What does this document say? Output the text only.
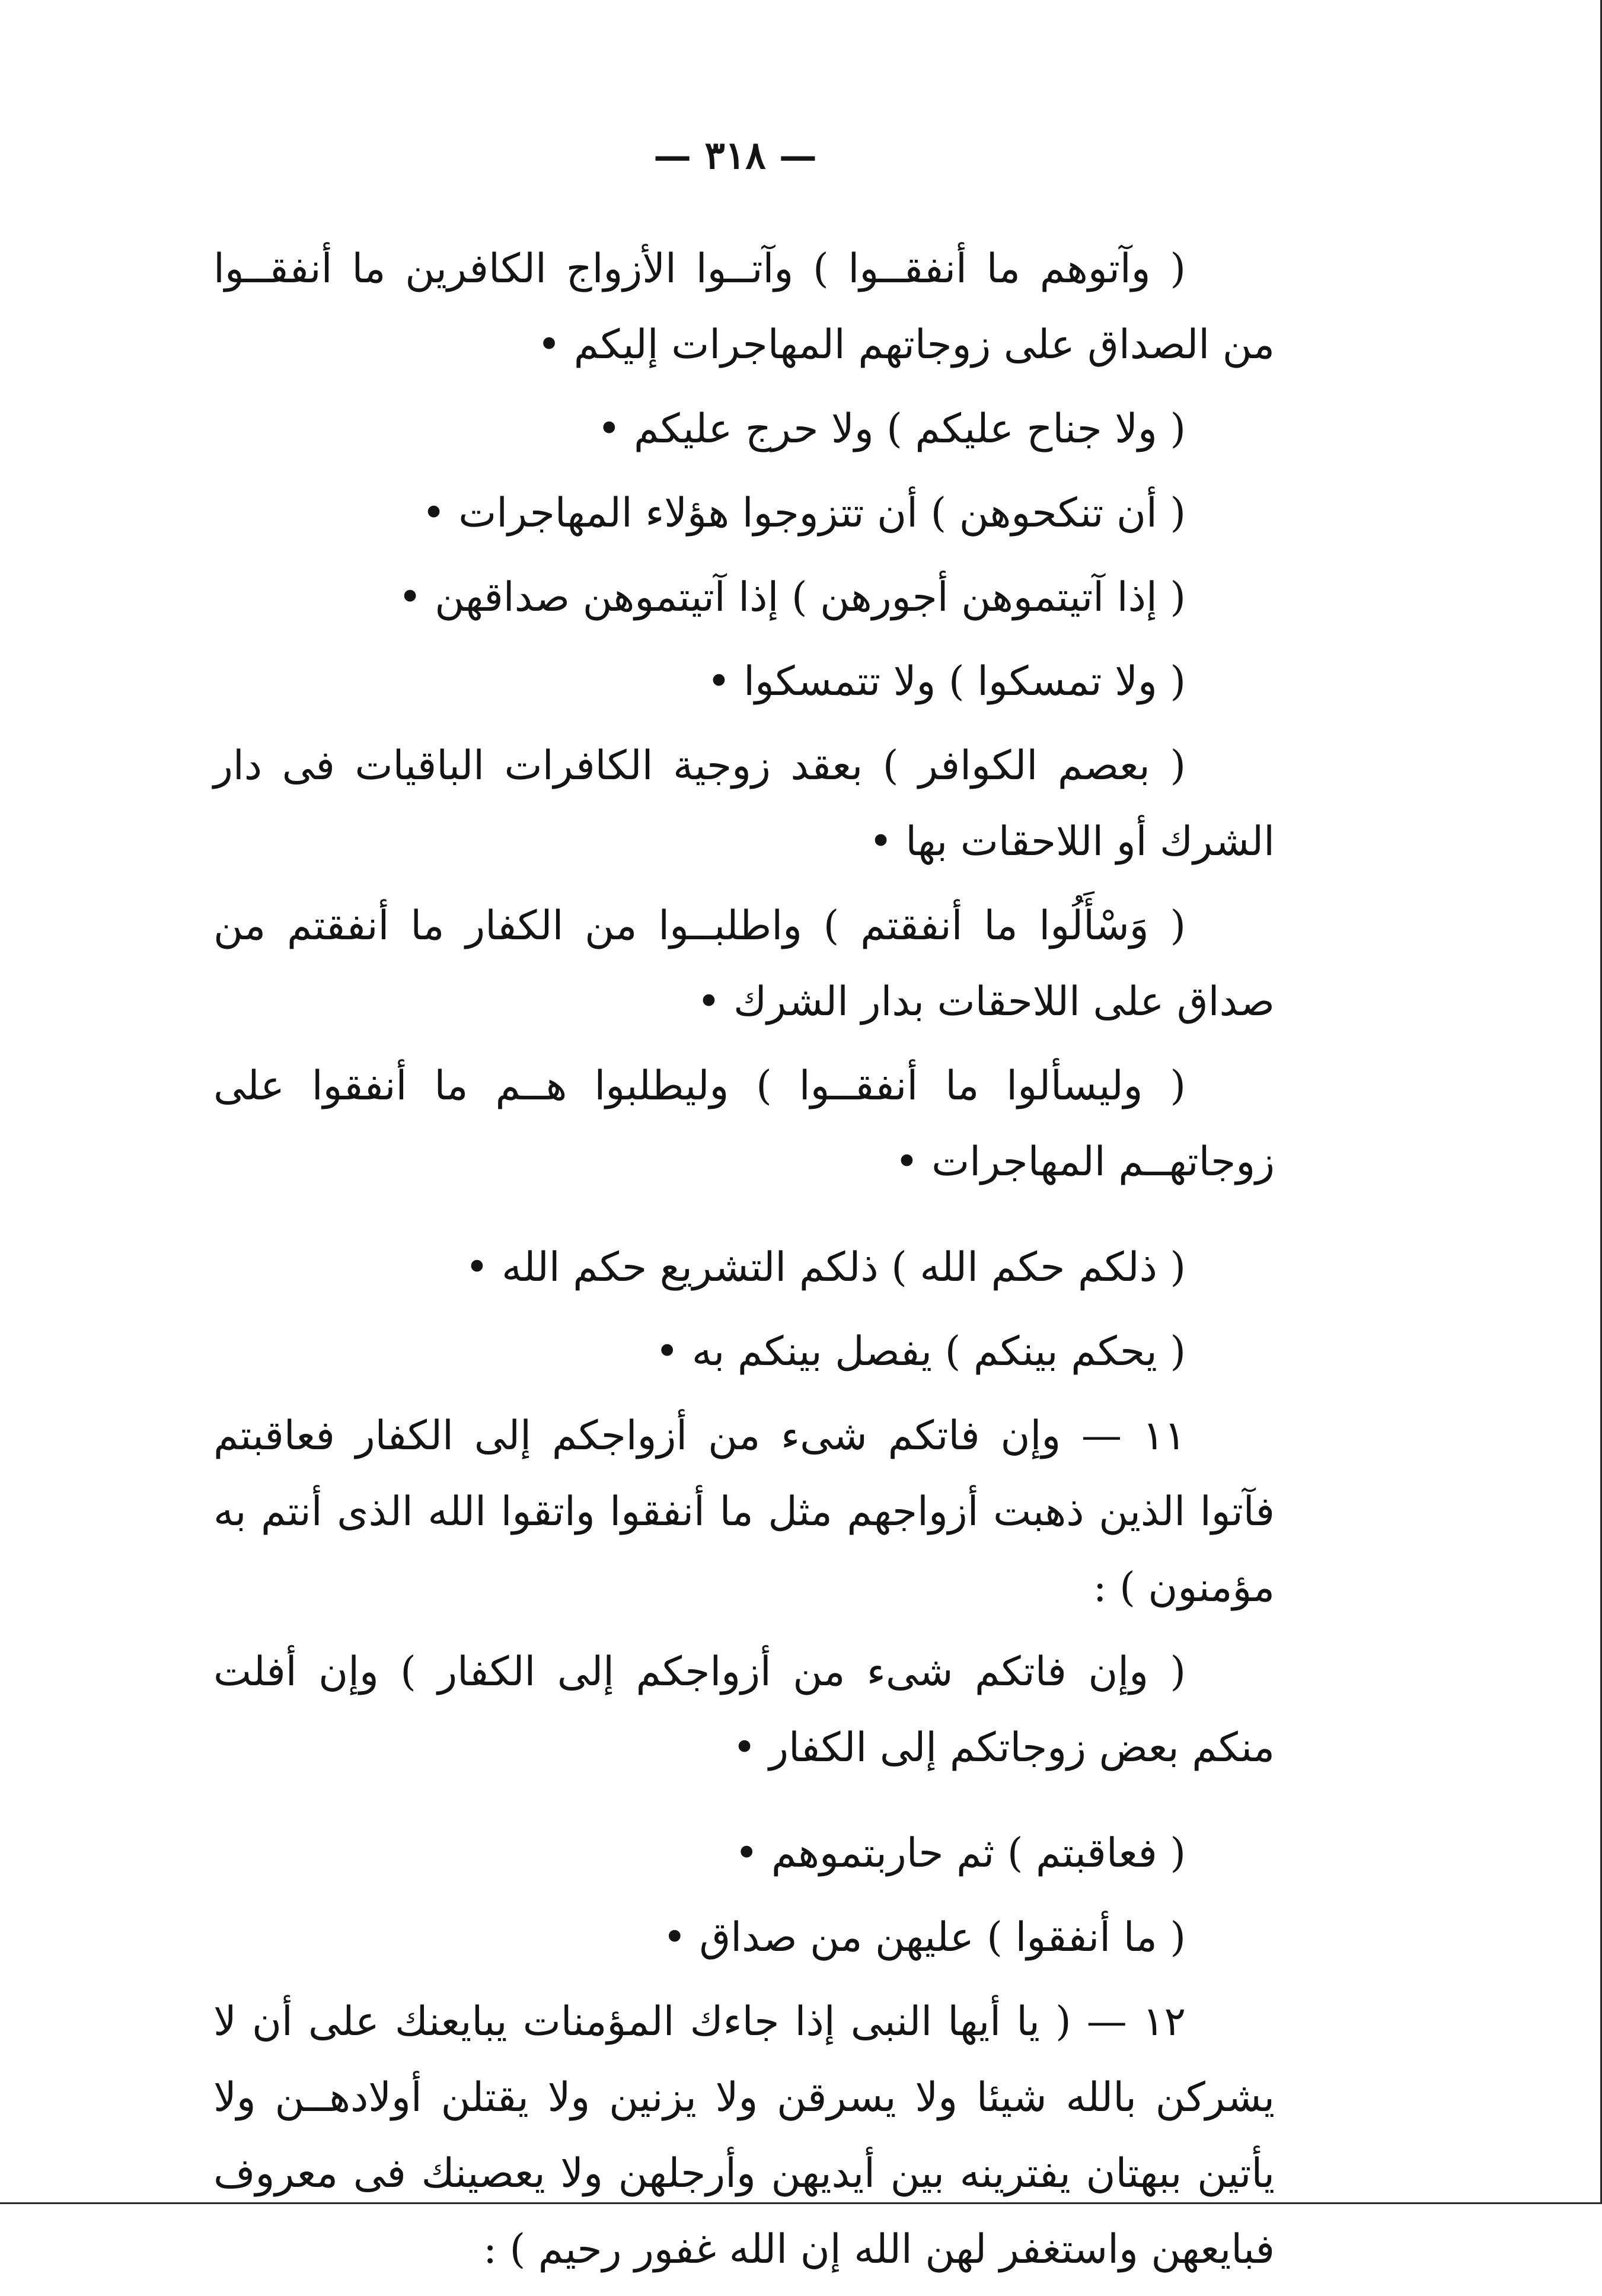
— ٣١٨ —

( وآتوهم ما أنفقــوا ) وآتــوا الأزواج الكافرين ما أنفقــوا من الصداق على زوجاتهم المهاجرات إليكم •

( ولا جناح عليكم ) ولا حرج عليكم •

( أن تنكحوهن ) أن تتزوجوا هؤلاء المهاجرات •

( إذا آتيتموهن أجورهن ) إذا آتيتموهن صداقهن •

( ولا تمسكوا ) ولا تتمسكوا •

( بعصم الكوافر ) بعقد زوجية الكافرات الباقيات فى دار الشرك أو اللاحقات بها •

( وَسْأَلُوا ما أنفقتم ) واطلبــوا من الكفار ما أنفقتم من صداق على اللاحقات بدار الشرك •

( وليسألوا ما أنفقــوا ) وليطلبوا هــم ما أنفقوا على زوجاتهــم المهاجرات •

( ذلكم حكم الله ) ذلكم التشريع حكم الله •

( يحكم بينكم ) يفصل بينكم به •

١١ — وإن فاتكم شىء من أزواجكم إلى الكفار فعاقبتم فآتوا الذين ذهبت أزواجهم مثل ما أنفقوا واتقوا الله الذى أنتم به مؤمنون ) :

( وإن فاتكم شىء من أزواجكم إلى الكفار ) وإن أفلت منكم بعض زوجاتكم إلى الكفار •

( فعاقبتم ) ثم حاربتموهم •

( ما أنفقوا ) عليهن من صداق •

١٢ — ( يا أيها النبى إذا جاءك المؤمنات يبايعنك على أن لا يشركن بالله شيئا ولا يسرقن ولا يزنين ولا يقتلن أولادهــن ولا يأتين ببهتان يفترينه بين أيديهن وأرجلهن ولا يعصينك فى معروف فبايعهن واستغفر لهن الله إن الله غفور رحيم ) :
